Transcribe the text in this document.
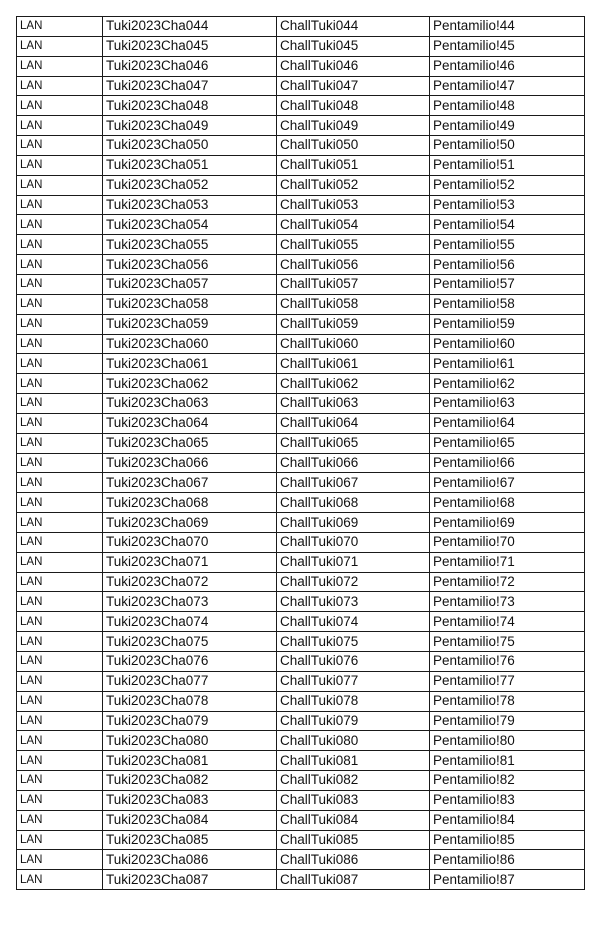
LAN	Tuki2023Cha044	ChallTuki044	Pentamilio!44
LAN	Tuki2023Cha045	ChallTuki045	Pentamilio!45
LAN	Tuki2023Cha046	ChallTuki046	Pentamilio!46
LAN	Tuki2023Cha047	ChallTuki047	Pentamilio!47
LAN	Tuki2023Cha048	ChallTuki048	Pentamilio!48
LAN	Tuki2023Cha049	ChallTuki049	Pentamilio!49
LAN	Tuki2023Cha050	ChallTuki050	Pentamilio!50
LAN	Tuki2023Cha051	ChallTuki051	Pentamilio!51
LAN	Tuki2023Cha052	ChallTuki052	Pentamilio!52
LAN	Tuki2023Cha053	ChallTuki053	Pentamilio!53
LAN	Tuki2023Cha054	ChallTuki054	Pentamilio!54
LAN	Tuki2023Cha055	ChallTuki055	Pentamilio!55
LAN	Tuki2023Cha056	ChallTuki056	Pentamilio!56
LAN	Tuki2023Cha057	ChallTuki057	Pentamilio!57
LAN	Tuki2023Cha058	ChallTuki058	Pentamilio!58
LAN	Tuki2023Cha059	ChallTuki059	Pentamilio!59
LAN	Tuki2023Cha060	ChallTuki060	Pentamilio!60
LAN	Tuki2023Cha061	ChallTuki061	Pentamilio!61
LAN	Tuki2023Cha062	ChallTuki062	Pentamilio!62
LAN	Tuki2023Cha063	ChallTuki063	Pentamilio!63
LAN	Tuki2023Cha064	ChallTuki064	Pentamilio!64
LAN	Tuki2023Cha065	ChallTuki065	Pentamilio!65
LAN	Tuki2023Cha066	ChallTuki066	Pentamilio!66
LAN	Tuki2023Cha067	ChallTuki067	Pentamilio!67
LAN	Tuki2023Cha068	ChallTuki068	Pentamilio!68
LAN	Tuki2023Cha069	ChallTuki069	Pentamilio!69
LAN	Tuki2023Cha070	ChallTuki070	Pentamilio!70
LAN	Tuki2023Cha071	ChallTuki071	Pentamilio!71
LAN	Tuki2023Cha072	ChallTuki072	Pentamilio!72
LAN	Tuki2023Cha073	ChallTuki073	Pentamilio!73
LAN	Tuki2023Cha074	ChallTuki074	Pentamilio!74
LAN	Tuki2023Cha075	ChallTuki075	Pentamilio!75
LAN	Tuki2023Cha076	ChallTuki076	Pentamilio!76
LAN	Tuki2023Cha077	ChallTuki077	Pentamilio!77
LAN	Tuki2023Cha078	ChallTuki078	Pentamilio!78
LAN	Tuki2023Cha079	ChallTuki079	Pentamilio!79
LAN	Tuki2023Cha080	ChallTuki080	Pentamilio!80
LAN	Tuki2023Cha081	ChallTuki081	Pentamilio!81
LAN	Tuki2023Cha082	ChallTuki082	Pentamilio!82
LAN	Tuki2023Cha083	ChallTuki083	Pentamilio!83
LAN	Tuki2023Cha084	ChallTuki084	Pentamilio!84
LAN	Tuki2023Cha085	ChallTuki085	Pentamilio!85
LAN	Tuki2023Cha086	ChallTuki086	Pentamilio!86
LAN	Tuki2023Cha087	ChallTuki087	Pentamilio!87
